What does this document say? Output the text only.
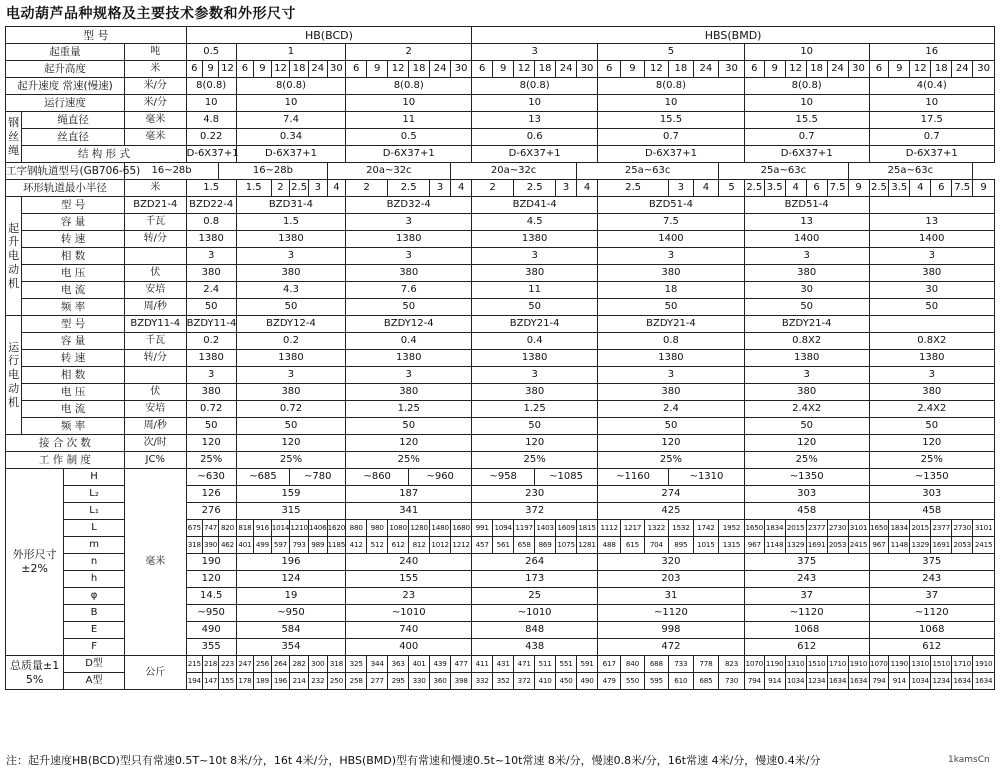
电动葫芦品种规格及主要技术参数和外形尺寸
型 号				HB(BCD)															HBS(BMD)																							
起重量			吨	0.5			1						2						3						5						10						16					
起升高度			米	6	9	12	6	9	12	18	24	30	6	9	12	18	24	30	6	9	12	18	24	30	6	9	12	18	24	30	6	9	12	18	24	30	6	9	12	18	24	30
起升速度 常速(慢速)			米/分	8(0.8)			8(0.8)						8(0.8)						8(0.8)						8(0.8)						8(0.8)						4(0.4)					
运行速度			米/分	10			10						10						10						10						10						10					
钢丝绳	绳直径		毫米	4.8			7.4						11						13						15.5						15.5						17.5					
	丝直径		毫米	0.22			0.34						0.5						0.6						0.7						0.7						0.7					
	结 构 形 式			D-6X37+1			D-6X37+1						D-6X37+1						D-6X37+1						D-6X37+1						D-6X37+1						D-6X37+1					
工字钢轨道型号(GB706-65)			16~28b			16~28b						20a~32c						20a~32c						25a~63c						25a~63c						25a~63c						
环形轨道最小半径			米	1.5			1.5		2	2.5	3	4	2		2.5		3	4	2		2.5		3	4	2.5			3	4	5	2.5	3.5	4	6	7.5	9	2.5	3.5	4	6	7.5	9
起升电动机	型 号		BZD21-4	BZD22-4			BZD31-4						BZD32-4						BZD41-4						BZD51-4						BZD51-4											
	容 量		千瓦	0.8			1.5						3						4.5						7.5						13						13					
	转 速		转/分	1380			1380						1380						1380						1400						1400						1400					
	相 数			3			3						3						3						3						3						3					
	电 压		伏	380			380						380						380						380						380						380					
	电 流		安培	2.4			4.3						7.6						11						18						30						30					
	频 率		周/秒	50			50						50						50						50						50						50					
运行电动机	型 号		BZDY11-4	BZDY11-4			BZDY12-4						BZDY12-4						BZDY21-4						BZDY21-4						BZDY21-4											
	容 量		千瓦	0.2			0.2						0.4						0.4						0.8						0.8X2						0.8X2					
	转 速		转/分	1380			1380						1380						1380						1380						1380						1380					
	相 数			3			3						3						3						3						3						3					
	电 压		伏	380			380						380						380						380						380						380					
	电 流		安培	0.72			0.72						1.25						1.25						2.4						2.4X2						2.4X2					
	频 率		周/秒	50			50						50						50						50						50						50					
接 合 次 数			次/时	120			120						120						120						120						120						120					
工 作 制 度			JC%	25%			25%						25%						25%						25%						25%						25%					
外形尺寸±2%		H	毫米	~630			~685			~780			~860			~960			~958			~1085			~1160			~1310			~1350						~1350					
		L₂		126			159						187						230						274						303						303					
		L₁		276			315						341						372						425						458						458					
		L		675	747	820	818	916	1014	1210	1406	1620	880	980	1080	1280	1480	1680	991	1094	1197	1403	1609	1815	1112	1217	1322	1532	1742	1952	1650	1834	2015	2377	2730	3101	1650	1834	2015	2377	2730	3101
		m		318	390	462	401	499	597	793	989	1185	412	512	612	812	1012	1212	457	561	658	869	1075	1281	488	615	704	895	1015	1315	967	1148	1329	1691	2053	2415	967	1148	1329	1691	2053	2415
		n		190			196						240						264						320						375						375					
		h		120			124						155						173						203						243						243					
		φ		14.5			19						23						25						31						37						37					
		B		~950			~950						~1010						~1010						~1120						~1120						~1120					
		E		490			584						740						848						998						1068						1068					
		F		355			354						400						438						472						612						612					
总质量±15%		D型	公斤	215	218	223	247	256	264	282	300	318	325	344	363	401	439	477	411	431	471	511	551	591	617	840	688	733	778	823	1070	1190	1310	1510	1710	1910	1070	1190	1310	1510	1710	1910
		A型		194	147	155	178	189	196	214	232	250	258	277	295	330	360	398	332	352	372	410	450	490	479	550	595	610	685	730	794	914	1034	1234	1634	1634	794	914	1034	1234	1634	1634
注：起升速度HB(BCD)型只有常速0.5T~10t 8米/分，16t 4米/分，HBS(BMD)型有常速和慢速0.5t~10t常速 8米/分，慢速0.8米/分，16t常速 4米/分，慢速0.4米/分	1kamsCn
